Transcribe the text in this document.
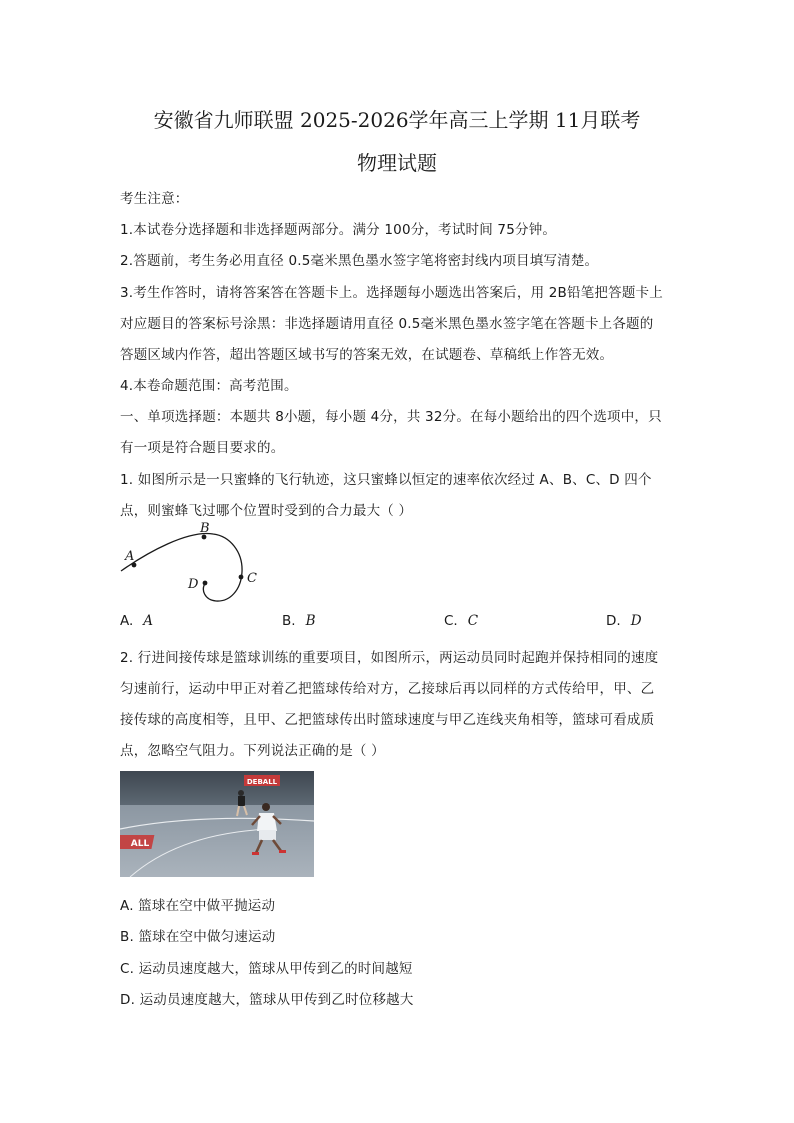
安徽省九师联盟 2025-2026学年高三上学期 11月联考
物理试题
考生注意：
1.本试卷分选择题和非选择题两部分。满分 100分，考试时间 75分钟。
2.答题前，考生务必用直径 0.5毫米黑色墨水签字笔将密封线内项目填写清楚。
3.考生作答时，请将答案答在答题卡上。选择题每小题选出答案后，用 2B铅笔把答题卡上
对应题目的答案标号涂黑：非选择题请用直径 0.5毫米黑色墨水签字笔在答题卡上各题的
答题区域内作答，超出答题区域书写的答案无效，在试题卷、草稿纸上作答无效。
4.本卷命题范围：高考范围。
一、单项选择题：本题共 8小题，每小题 4分，共 32分。在每小题给出的四个选项中，只
有一项是符合题目要求的。
1. 如图所示是一只蜜蜂的飞行轨迹，这只蜜蜂以恒定的速率依次经过 A、B、C、D 四个
点，则蜜蜂飞过哪个位置时受到的合力最大（ ）
A
B
C
D
A. A	B. B	C. C	D. D
2. 行进间接传球是篮球训练的重要项目，如图所示，两运动员同时起跑并保持相同的速度
匀速前行，运动中甲正对着乙把篮球传给对方，乙接球后再以同样的方式传给甲，甲、乙
接传球的高度相等，且甲、乙把篮球传出时篮球速度与甲乙连线夹角相等，篮球可看成质
点，忽略空气阻力。下列说法正确的是（ ）
DEBALL
ALL
A. 篮球在空中做平抛运动
B. 篮球在空中做匀速运动
C. 运动员速度越大，篮球从甲传到乙的时间越短
D. 运动员速度越大，篮球从甲传到乙时位移越大
